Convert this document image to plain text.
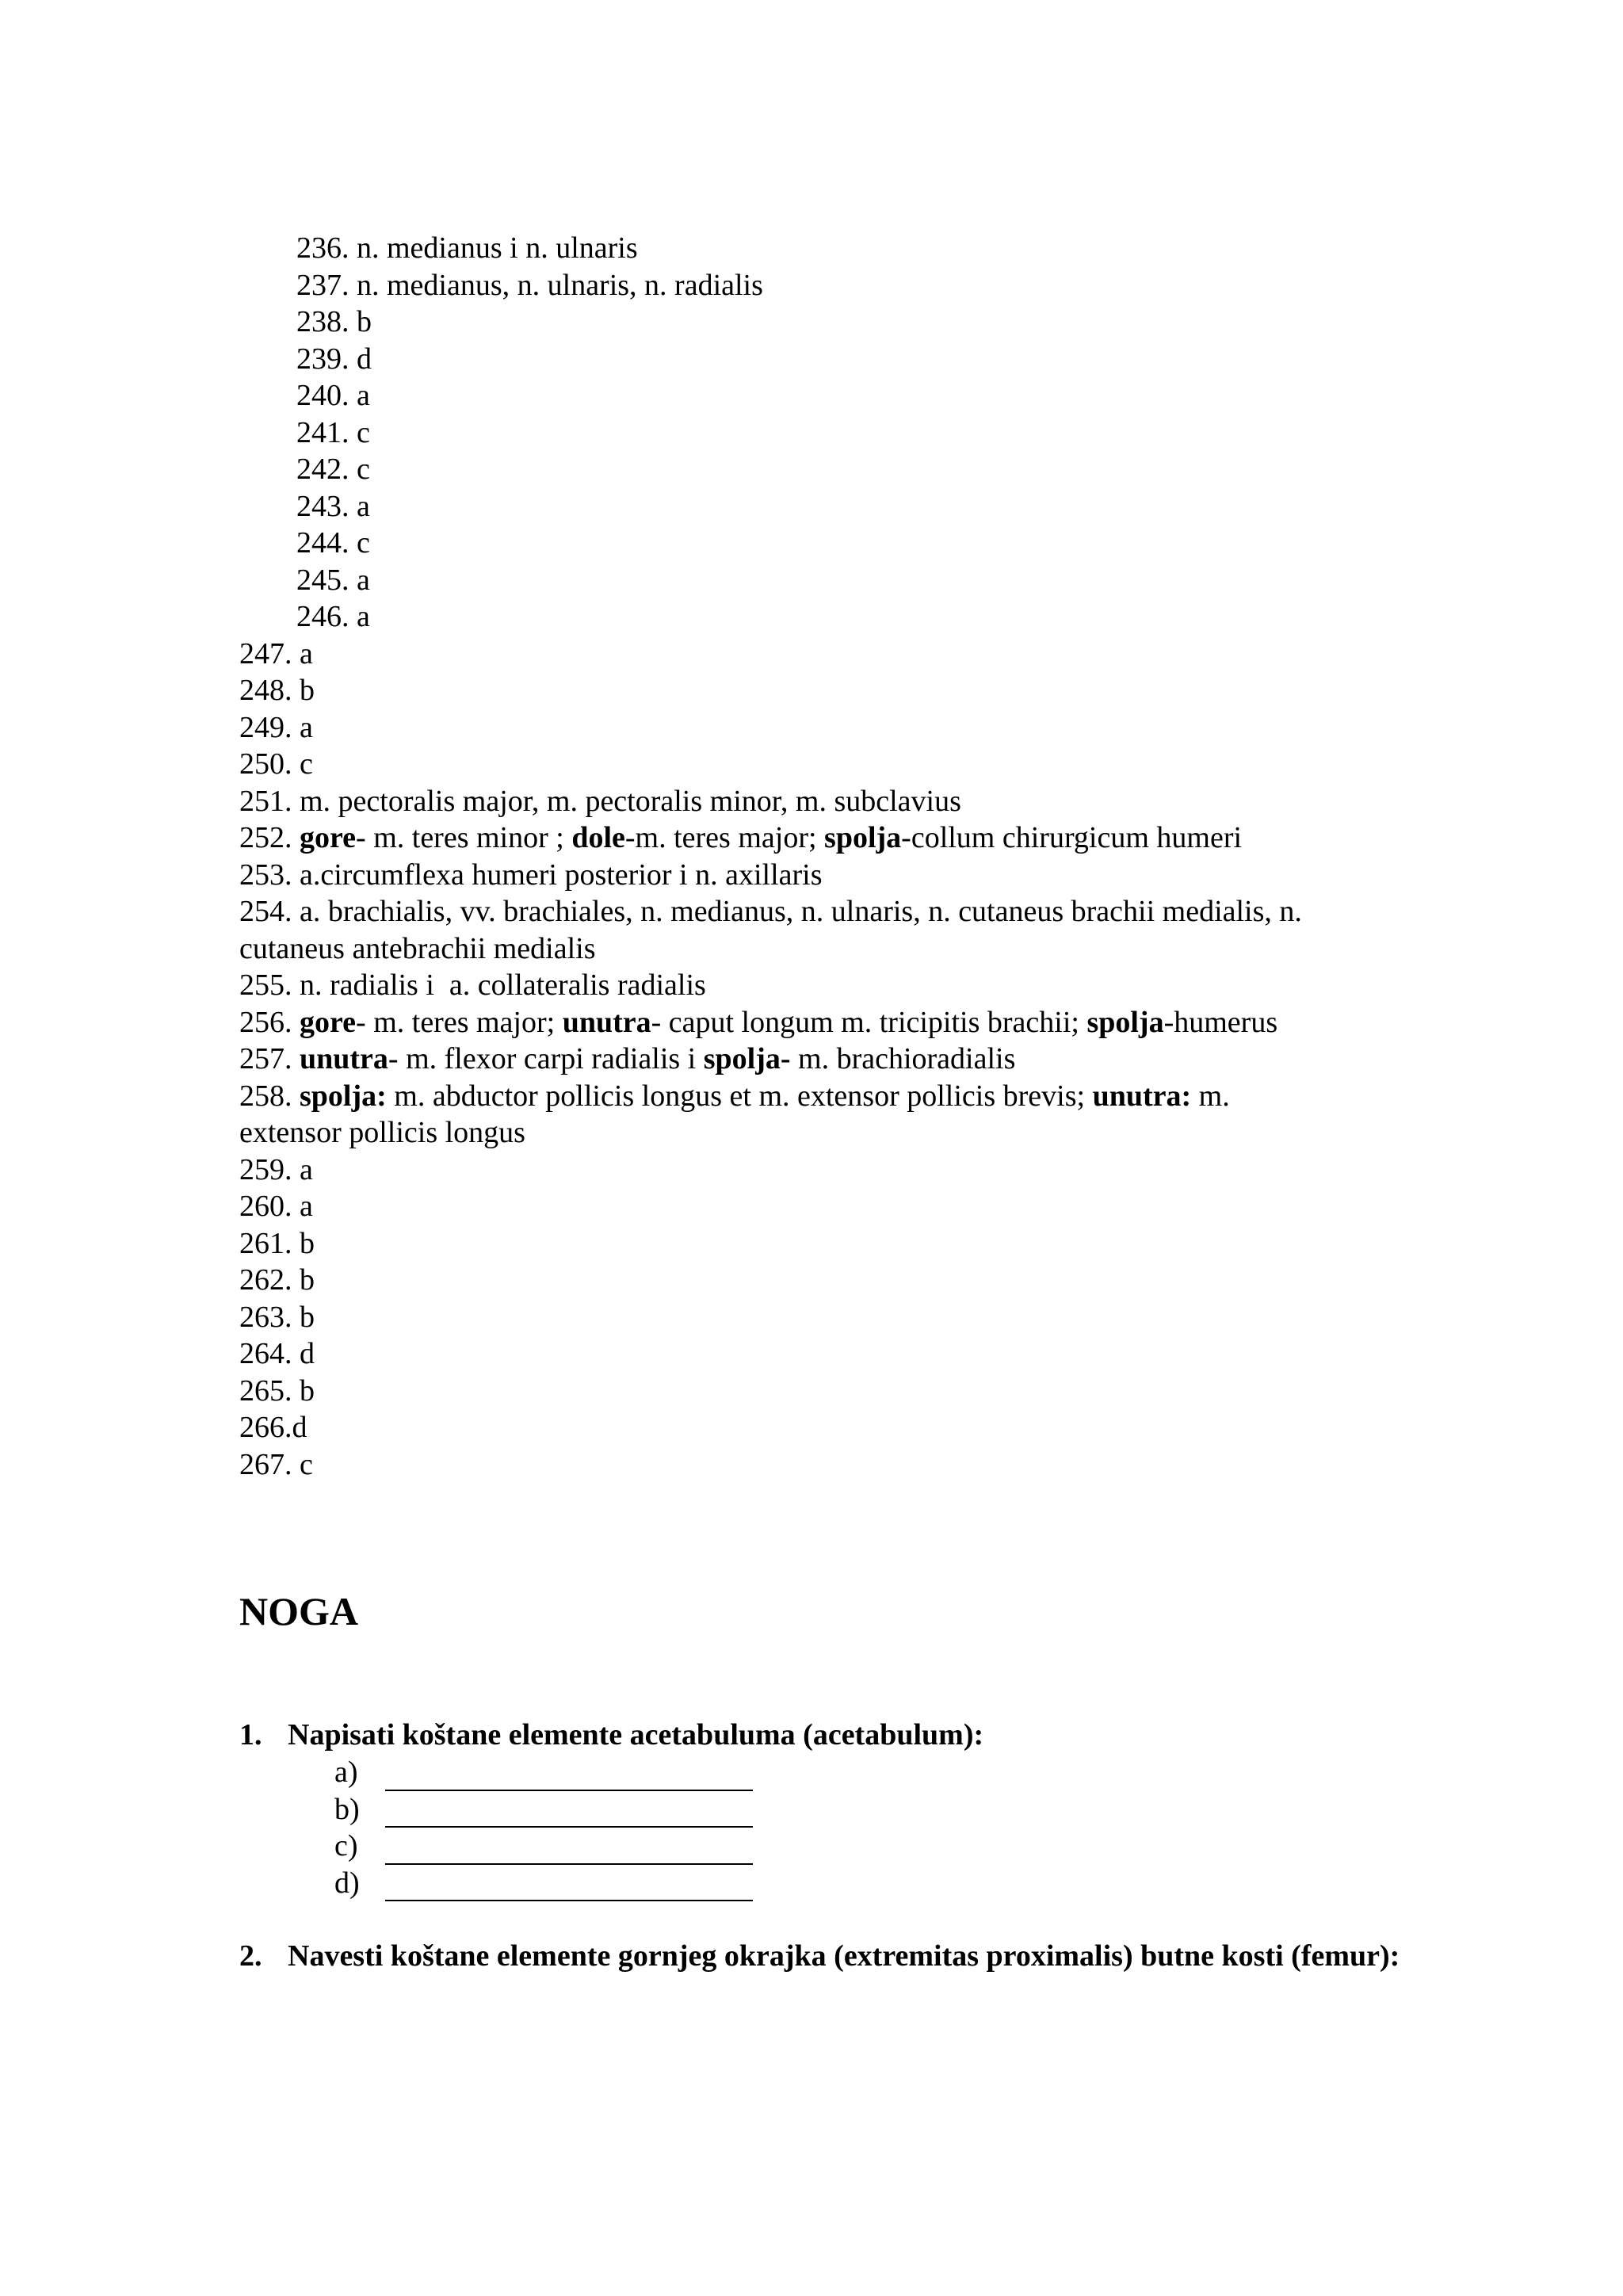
236. n. medianus i n. ulnaris
237. n. medianus, n. ulnaris, n. radialis
238. b
239. d
240. a
241. c
242. c
243. a
244. c
245. a
246. a
247. a
248. b
249. a
250. c
251. m. pectoralis major, m. pectoralis minor, m. subclavius
252. gore- m. teres minor ; dole-m. teres major; spolja-collum chirurgicum humeri
253. a.circumflexa humeri posterior i n. axillaris
254. a. brachialis, vv. brachiales, n. medianus, n. ulnaris, n. cutaneus brachii medialis, n.
cutaneus antebrachii medialis
255. n. radialis i  a. collateralis radialis
256. gore- m. teres major; unutra- caput longum m. tricipitis brachii; spolja-humerus
257. unutra- m. flexor carpi radialis i spolja- m. brachioradialis
258. spolja: m. abductor pollicis longus et m. extensor pollicis brevis; unutra: m.
extensor pollicis longus
259. a
260. a
261. b
262. b
263. b
264. d
265. b
266.d
267. c
NOGA
1. Napisati koštane elemente acetabuluma (acetabulum):
a)
b)
c)
d)
2. Navesti koštane elemente gornjeg okrajka (extremitas proximalis) butne kosti (femur):
